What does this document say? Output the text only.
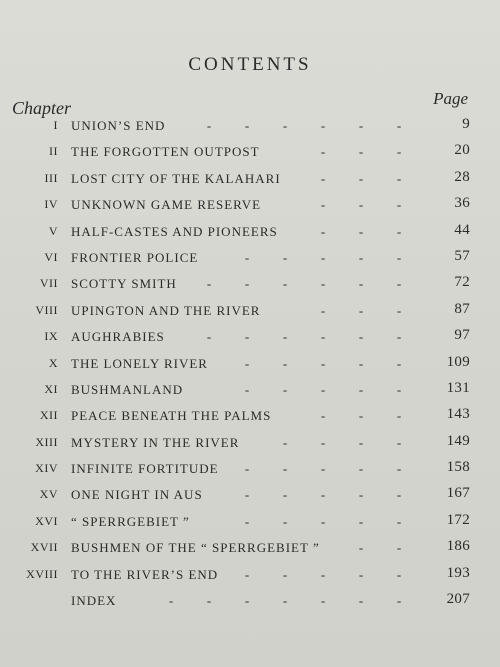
CONTENTS
Chapter	Page
I UNION’S END	-	-	-	-	-	-	9
II THE FORGOTTEN OUTPOST	-	-	-	20
III LOST CITY OF THE KALAHARI	-	-	-	28
IV UNKNOWN GAME RESERVE	-	-	-	36
V HALF-CASTES AND PIONEERS	-	-	-	44
VI FRONTIER POLICE	-	-	-	-	-	57
VII SCOTTY SMITH	-	-	-	-	-	-	72
VIII UPINGTON AND THE RIVER	-	-	-	87
IX AUGHRABIES	-	-	-	-	-	-	97
X THE LONELY RIVER	-	-	-	-	-	109
XI BUSHMANLAND	-	-	-	-	-	131
XII PEACE BENEATH THE PALMS	-	-	-	143
XIII MYSTERY IN THE RIVER	-	-	-	-	149
XIV INFINITE FORTITUDE	-	-	-	-	-	158
XV ONE NIGHT IN AUS	-	-	-	-	-	167
XVI “ SPERRGEBIET ”	-	-	-	-	-	172
XVII BUSHMEN OF THE “ SPERRGEBIET ”	-	-	186
XVIII TO THE RIVER’S END	-	-	-	-	-	193
INDEX	-	-	-	-	-	-	-	207
